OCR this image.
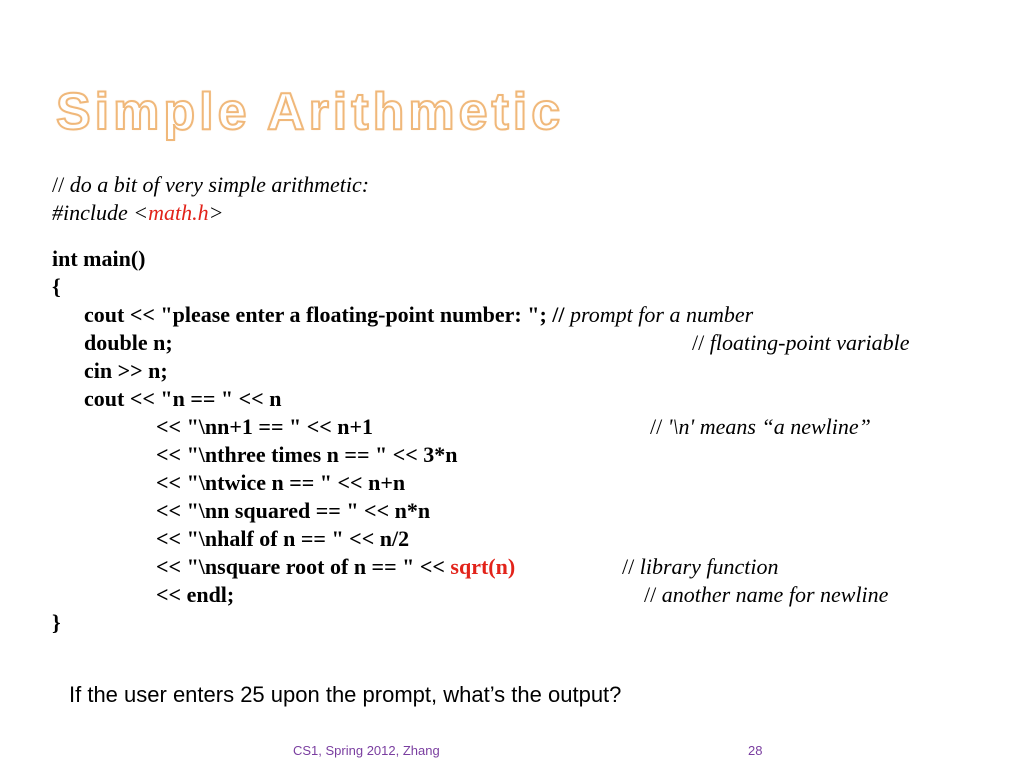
Simple Arithmetic
// do a bit of very simple arithmetic:
#include <math.h>
int main()
{
cout << "please enter a floating-point number: "; // prompt for a number
double n;	// floating-point variable
cin >> n;
cout << "n == " << n
<< "\nn+1 == " << n+1	// '\n' means “a newline”
<< "\nthree times n == " << 3*n
<< "\ntwice n == " << n+n
<< "\nn squared == " << n*n
<< "\nhalf of n == " << n/2
<< "\nsquare root of n == " << sqrt(n)	// library function
<< endl;	// another name for newline
}
If the user enters 25 upon the prompt, what’s the output?
CS1, Spring 2012, Zhang	28
